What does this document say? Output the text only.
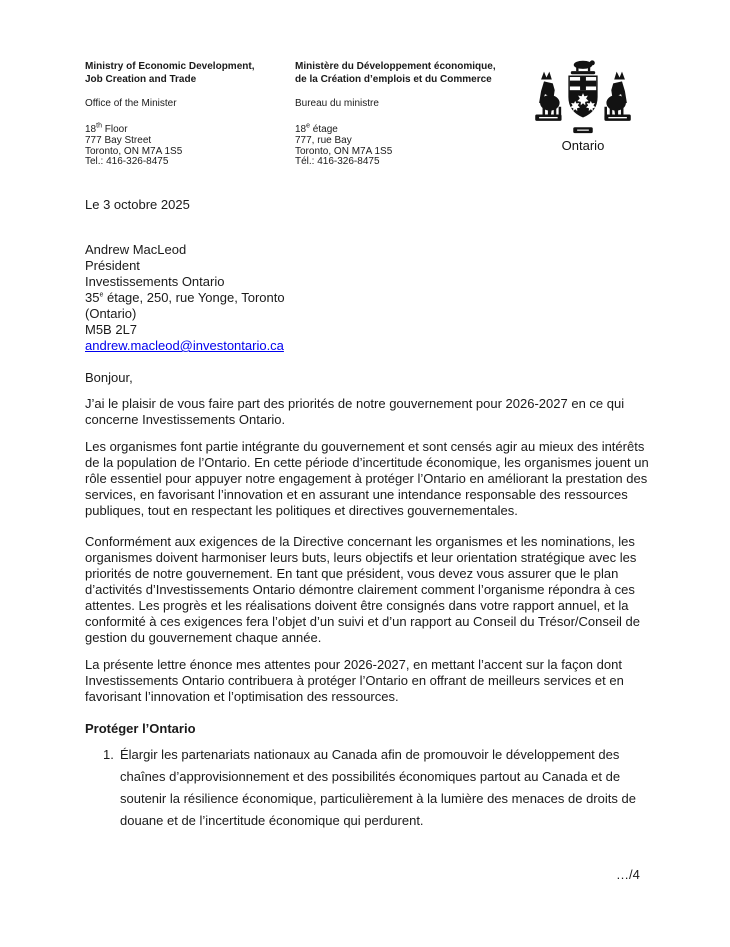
Ministry of Economic Development,
Job Creation and Trade
Office of the Minister
18th Floor
777 Bay Street
Toronto, ON M7A 1S5
Tel.: 416-326-8475
Ministère du Développement économique,
de la Création d’emplois et du Commerce
Bureau du ministre
18e étage
777, rue Bay
Toronto, ON M7A 1S5
Tél.: 416-326-8475
Ontario
Le 3 octobre 2025
Andrew MacLeod
Président
Investissements Ontario
35e étage, 250, rue Yonge, Toronto
(Ontario)
M5B 2L7
andrew.macleod@investontario.ca
Bonjour,

J’ai le plaisir de vous faire part des priorités de notre gouvernement pour 2026-2027 en ce qui concerne Investissements Ontario.

Les organismes font partie intégrante du gouvernement et sont censés agir au mieux des intérêts de la population de l’Ontario. En cette période d’incertitude économique, les organismes jouent un rôle essentiel pour appuyer notre engagement à protéger l’Ontario en améliorant la prestation des services, en favorisant l’innovation et en assurant une intendance responsable des ressources publiques, tout en respectant les politiques et directives gouvernementales.

Conformément aux exigences de la Directive concernant les organismes et les nominations, les organismes doivent harmoniser leurs buts, leurs objectifs et leur orientation stratégique avec les priorités de notre gouvernement. En tant que président, vous devez vous assurer que le plan d’activités d’Investissements Ontario démontre clairement comment l’organisme répondra à ces attentes. Les progrès et les réalisations doivent être consignés dans votre rapport annuel, et la conformité à ces exigences fera l’objet d’un suivi et d’un rapport au Conseil du Trésor/Conseil de gestion du gouvernement chaque année.

La présente lettre énonce mes attentes pour 2026-2027, en mettant l’accent sur la façon dont Investissements Ontario contribuera à protéger l’Ontario en offrant de meilleurs services et en favorisant l’innovation et l’optimisation des ressources.

Protéger l’Ontario
1. Élargir les partenariats nationaux au Canada afin de promouvoir le développement des chaînes d’approvisionnement et des possibilités économiques partout au Canada et de soutenir la résilience économique, particulièrement à la lumière des menaces de droits de douane et de l’incertitude économique qui perdurent.
…/4
